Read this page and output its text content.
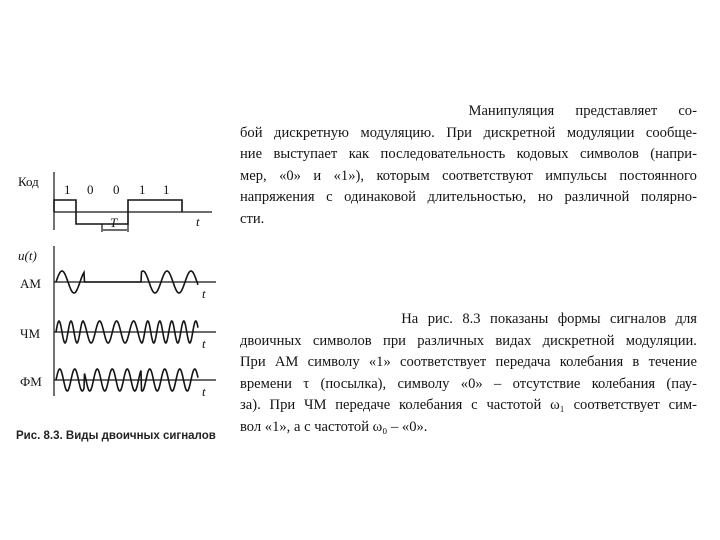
Манипуляция представляет со-
бой дискретную модуляцию. При дискретной модуляции сообще-
ние выступает как последовательность кодовых символов (напри-
мер, «0» и «1»), которым соответствуют импульсы постоянного
напряжения с одинаковой длительностью, но различной полярно-
сти.
На рис. 8.3 показаны формы сигналов для
двоичных символов при различных видах дискретной модуляции.
При АМ символу «1» соответствует передача колебания в течение
времени τ (посылка), символу «0» – отсутствие колебания (пау-
за). При ЧМ передаче колебания с частотой ω₁ соответствует сим-
вол «1», а с частотой ω₀ – «0».
Код
1 0 0 1 1
T	t
u(t)
АМ
t
ЧМ
t
ФМ
t
Рис. 8.3. Виды двоичных сигналов
